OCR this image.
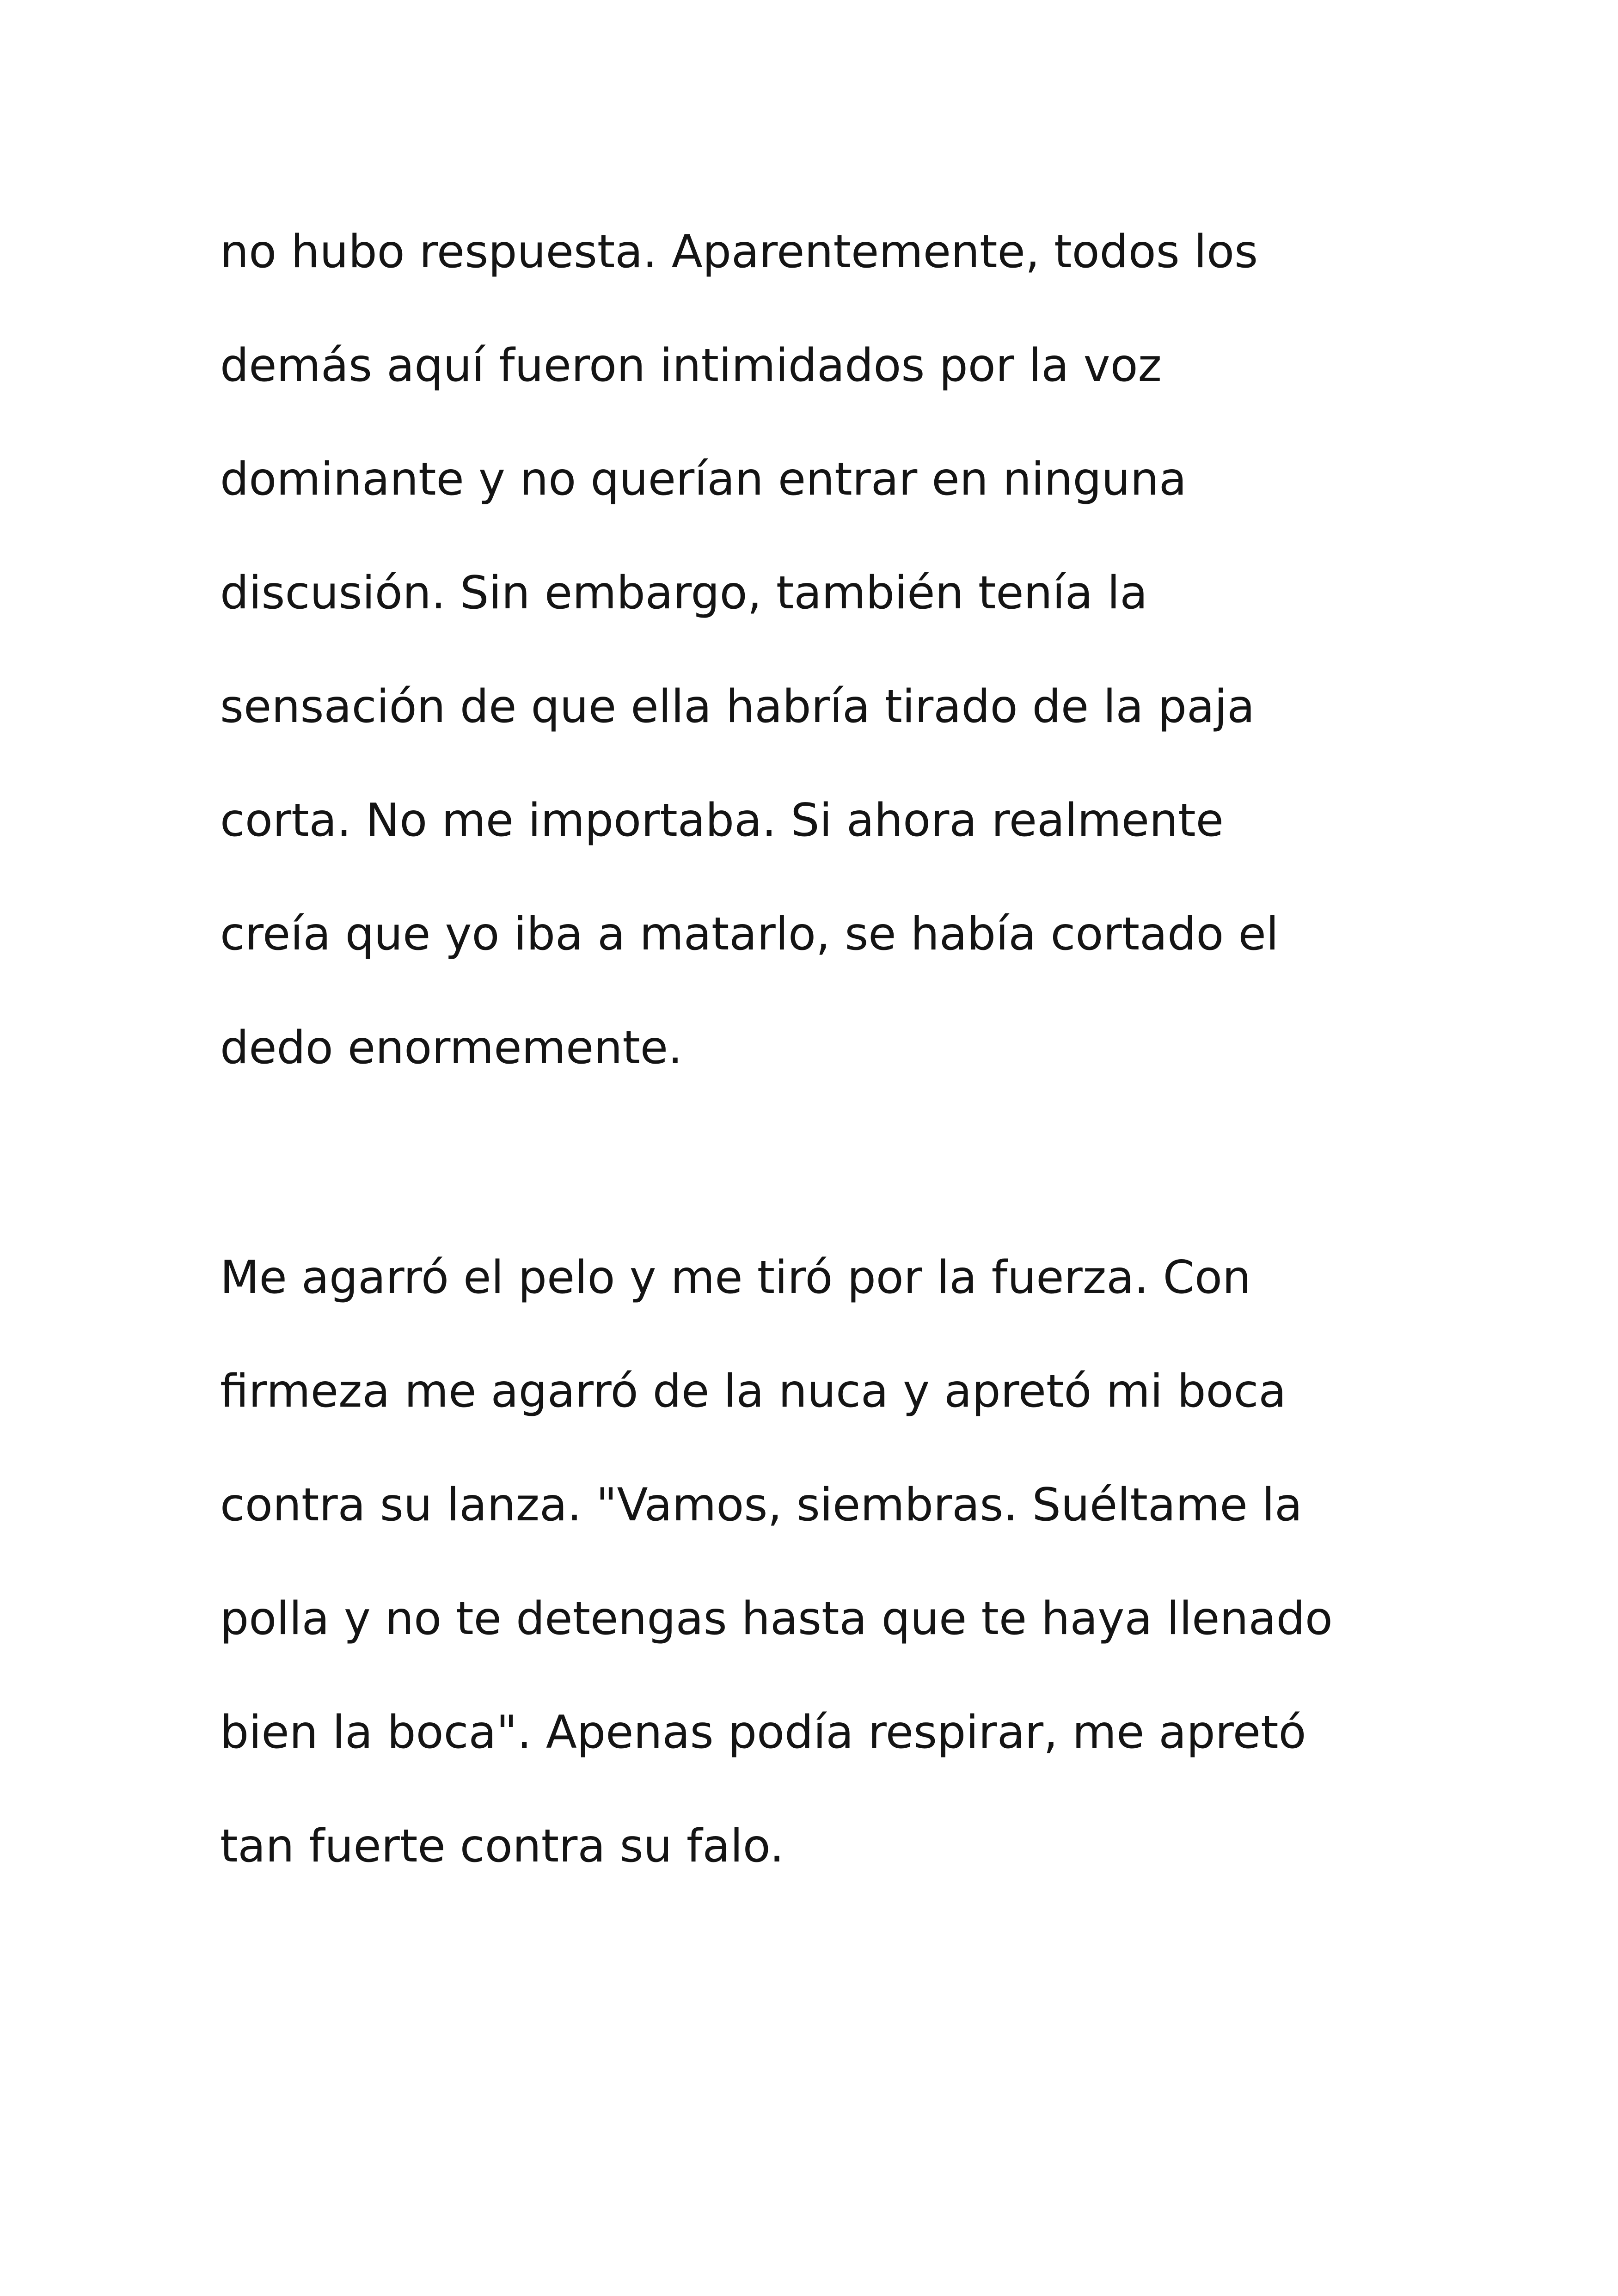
no hubo respuesta. Aparentemente, todos los
demás aquí fueron intimidados por la voz
dominante y no querían entrar en ninguna
discusión. Sin embargo, también tenía la
sensación de que ella habría tirado de la paja
corta. No me importaba. Si ahora realmente
creía que yo iba a matarlo, se había cortado el
dedo enormemente.
Me agarró el pelo y me tiró por la fuerza. Con
firmeza me agarró de la nuca y apretó mi boca
contra su lanza. "Vamos, siembras. Suéltame la
polla y no te detengas hasta que te haya llenado
bien la boca". Apenas podía respirar, me apretó
tan fuerte contra su falo.
